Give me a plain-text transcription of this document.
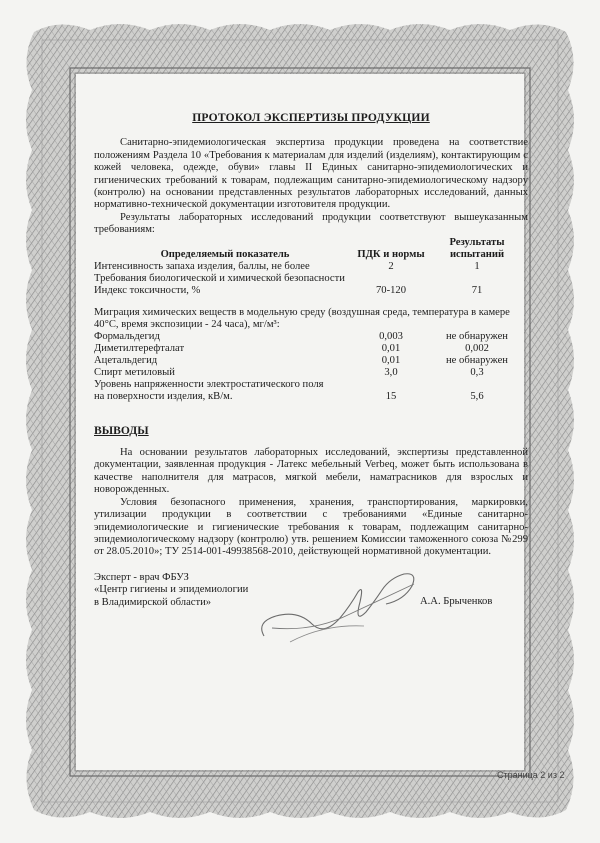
ПРОТОКОЛ ЭКСПЕРТИЗЫ ПРОДУКЦИИ

Санитарно-эпидемиологическая экспертиза продукции проведена на соответствие положениям Раздела 10 «Требования к материалам для изделий (изделиям), контактирующим с кожей человека, одежде, обуви» главы II Единых санитарно-эпидемиологических и гигиенических требований к товарам, подлежащим санитарно-эпидемиологическому надзору (контролю) на основании представленных результатов лабораторных исследований, данных нормативно-технической документации изготовителя продукции.

Результаты лабораторных исследований продукции соответствуют вышеуказанным требованиям:

Определяемый показатель	ПДК и нормы	Результаты испытаний
Интенсивность запаха изделия, баллы, не более	2	1
Требования биологической и химической безопасности		
Индекс токсичности, %	70-120	71
Миграция химических веществ в модельную среду (воздушная среда, температура в камере 40°С, время экспозиции - 24 часа), мг/м³:		
Формальдегид	0,003	не обнаружен
Диметилтерефталат	0,01	0,002
Ацетальдегид	0,01	не обнаружен
Спирт метиловый	3,0	0,3
Уровень напряженности электростатического поля		
на поверхности изделия, кВ/м.	15	5,6
ВЫВОДЫ

На основании результатов лабораторных исследований, экспертизы представленной документации, заявленная продукция - Латекс мебельный Verbeq, может быть использована в качестве наполнителя для матрасов, мягкой мебели, наматрасников для взрослых и новорожденных.

Условия безопасного применения, хранения, транспортирования, маркировки, утилизации продукции в соответствии с требованиями «Единые санитарно-эпидемиологические и гигиенические требования к товарам, подлежащим санитарно-эпидемиологическому надзору (контролю) утв. решением Комиссии таможенного союза №299 от 28.05.2010»; ТУ 2514-001-49938568-2010, действующей нормативной документации.

Эксперт - врач ФБУЗ
«Центр гигиены и эпидемиологии
в Владимирской области»	А.А. Брыченков
Страница 2 из 2
